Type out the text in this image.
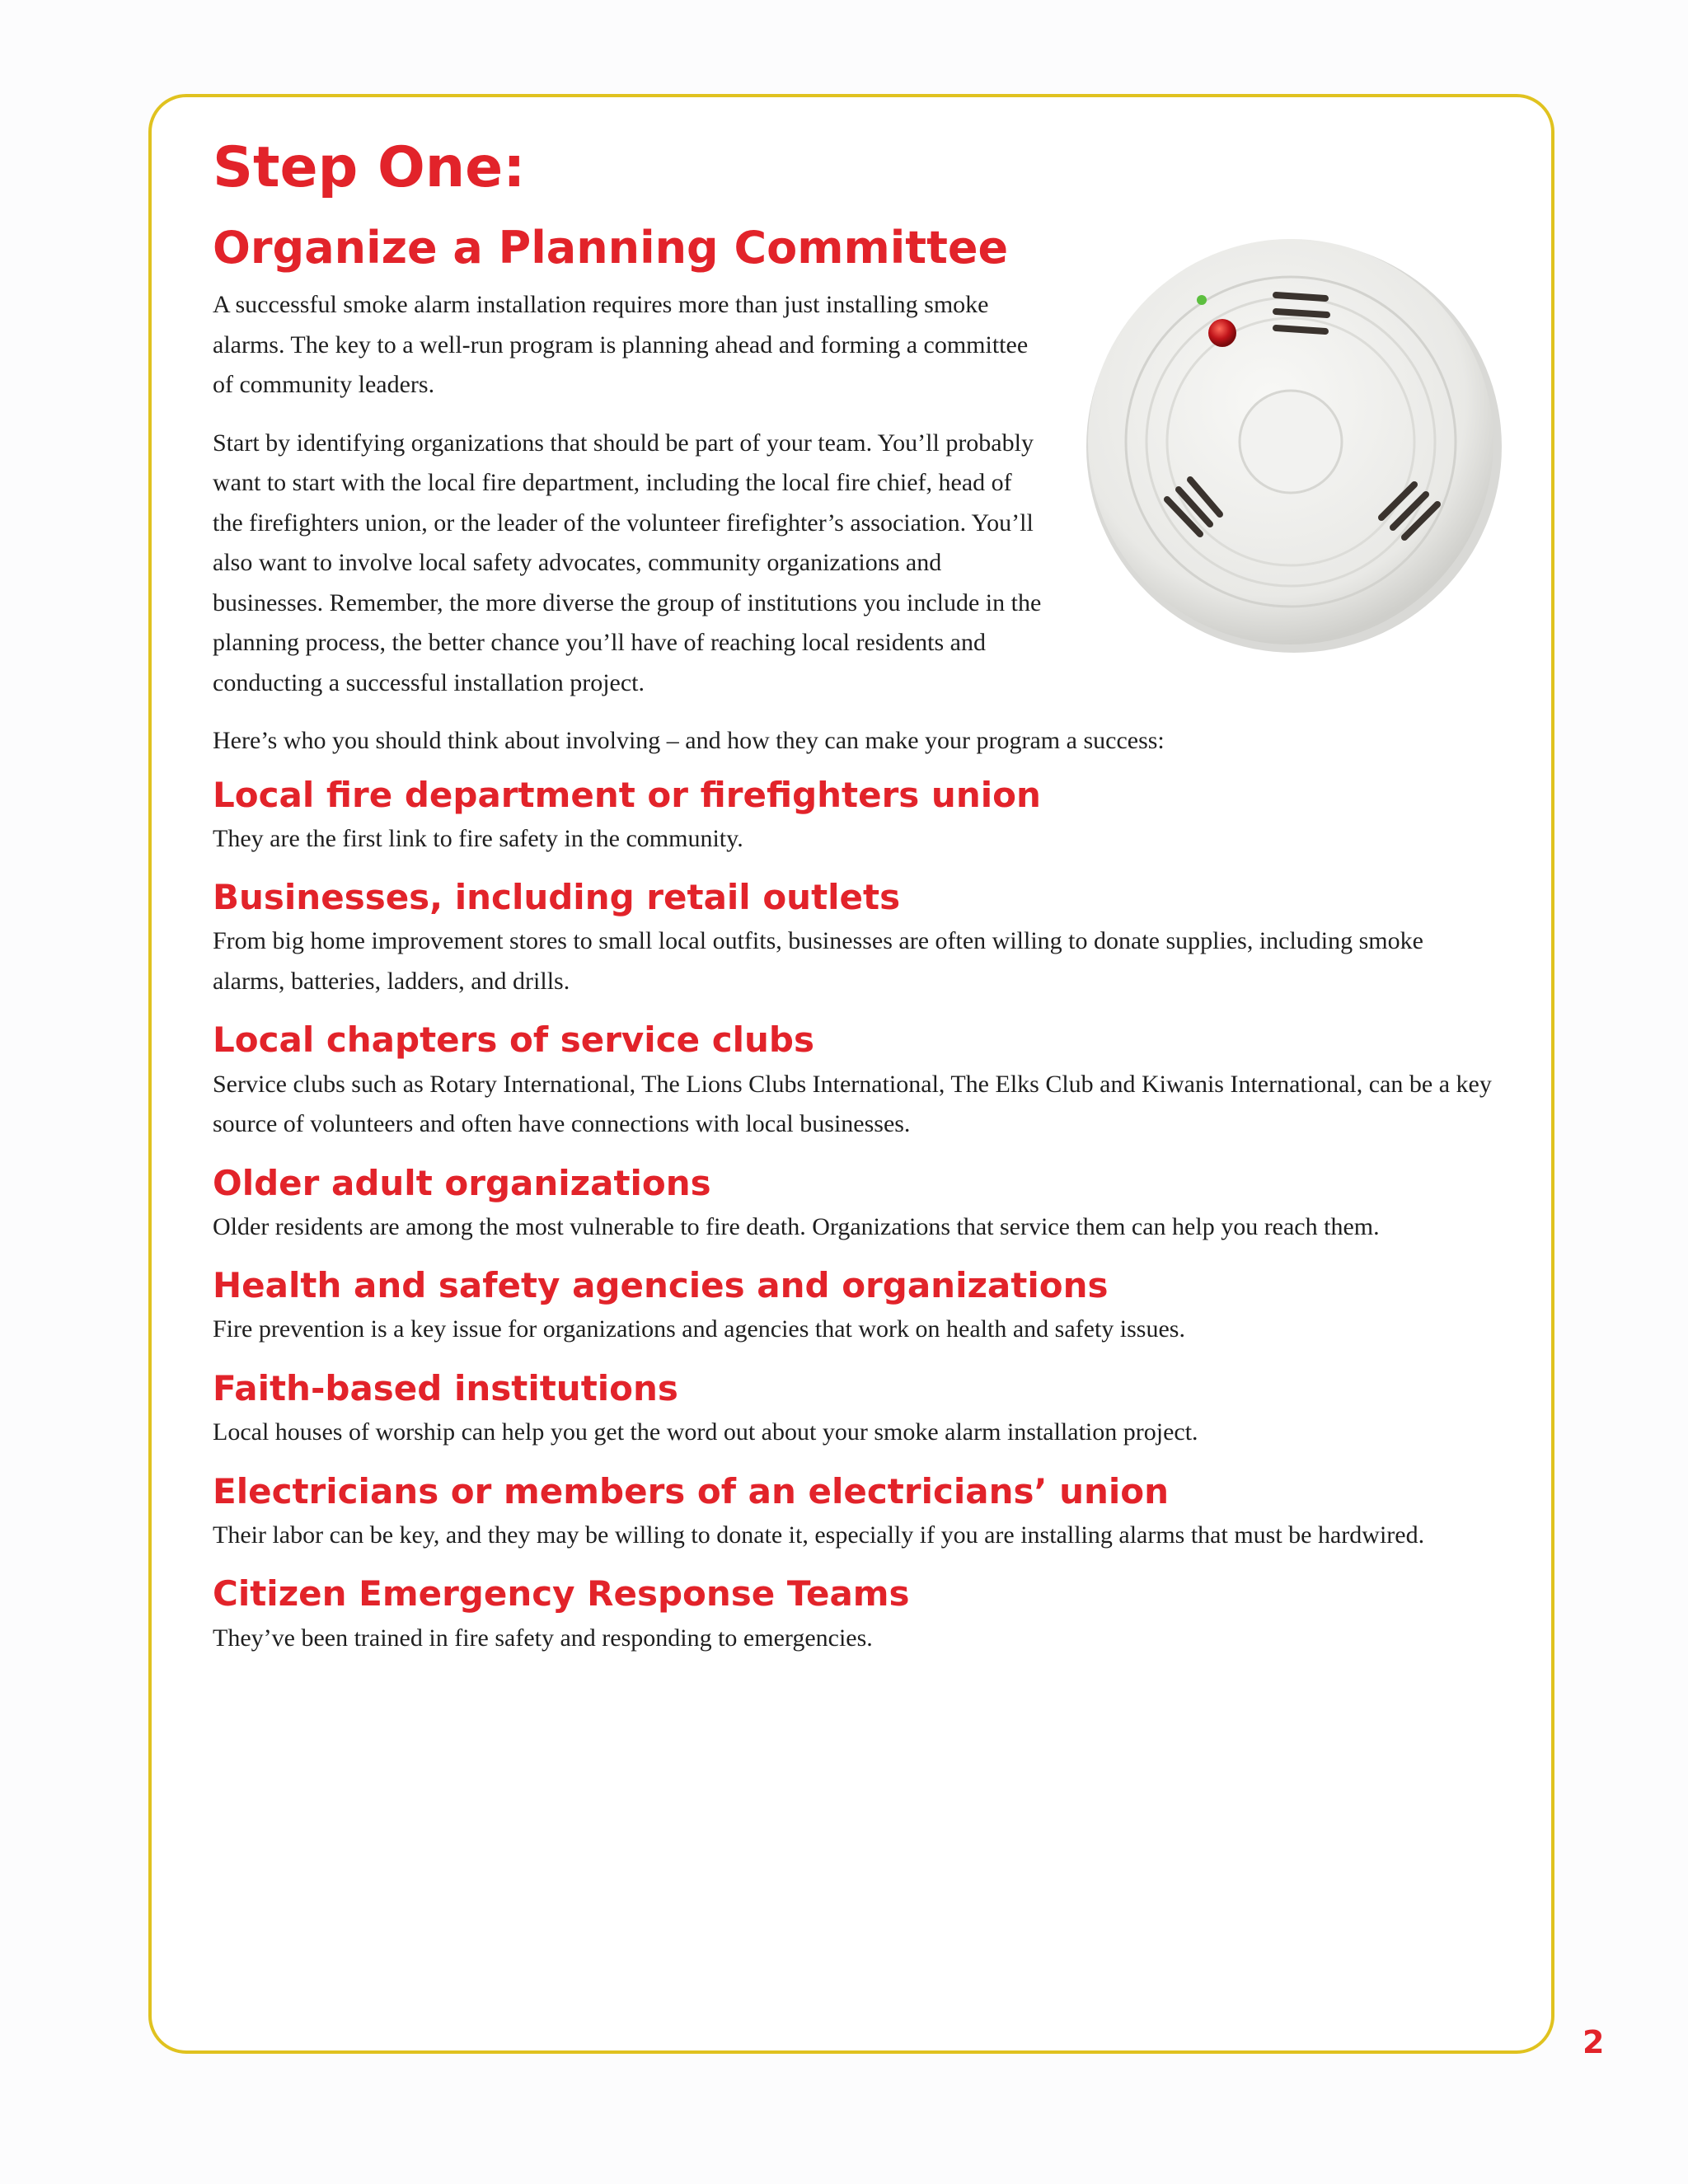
Step One:
Organize a Planning Committee

A successful smoke alarm installation requires more than just installing smoke alarms. The key to a well-run program is planning ahead and forming a committee of community leaders.

Start by identifying organizations that should be part of your team. You’ll probably want to start with the local fire department, including the local fire chief, head of the firefighters union, or the leader of the volunteer firefighter’s association. You’ll also want to involve local safety advocates, community organizations and businesses. Remember, the more diverse the group of institutions you include in the planning process, the better chance you’ll have of reaching local residents and conducting a successful installation project.

Here’s who you should think about involving – and how they can make your program a success:

Local fire department or firefighters union

They are the first link to fire safety in the community.

Businesses, including retail outlets

From big home improvement stores to small local outfits, businesses are often willing to donate supplies, including smoke alarms, batteries, ladders, and drills.

Local chapters of service clubs

Service clubs such as Rotary International, The Lions Clubs International, The Elks Club and Kiwanis International, can be a key source of volunteers and often have connections with local businesses.

Older adult organizations

Older residents are among the most vulnerable to fire death. Organizations that service them can help you reach them.

Health and safety agencies and organizations

Fire prevention is a key issue for organizations and agencies that work on health and safety issues.

Faith-based institutions

Local houses of worship can help you get the word out about your smoke alarm installation project.

Electricians or members of an electricians’ union

Their labor can be key, and they may be willing to donate it, especially if you are installing alarms that must be hardwired.

Citizen Emergency Response Teams

They’ve been trained in fire safety and responding to emergencies.

2
